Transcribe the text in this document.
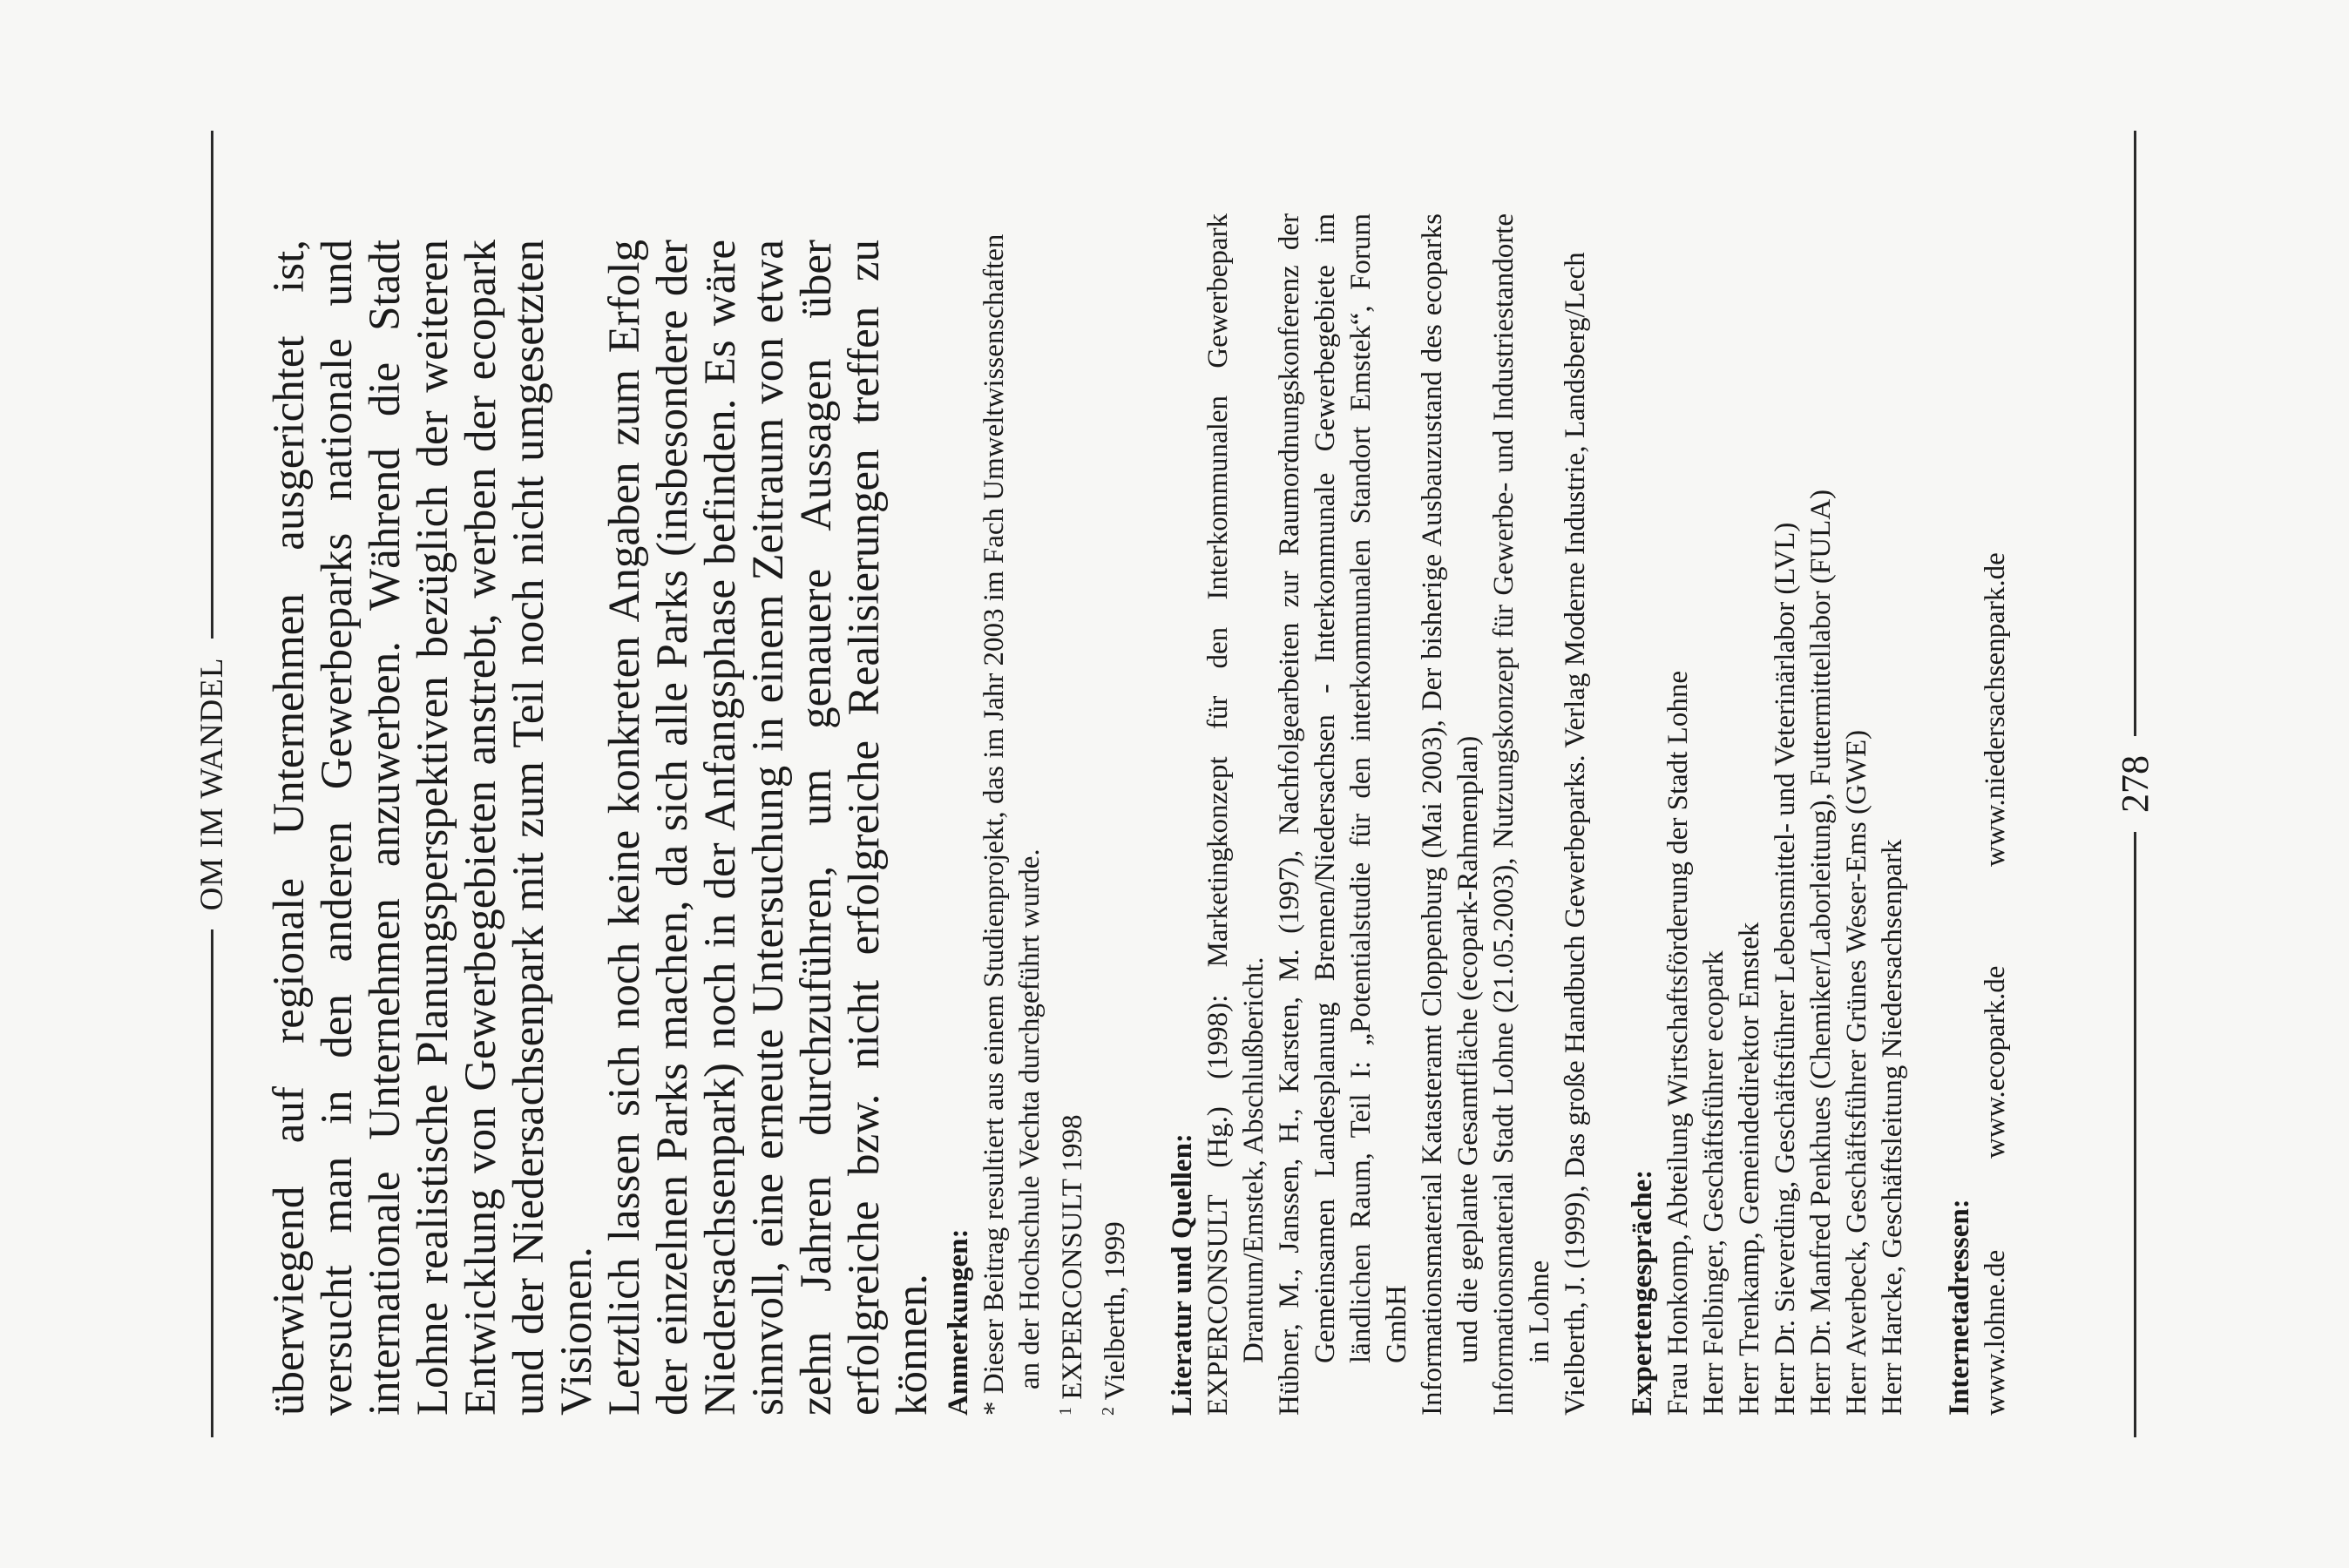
OM IM WANDEL überwiegend auf regionale Unternehmen ausgerichtet ist, versucht man in den anderen Gewerbeparks nationale und internationale Unternehmen anzuwerben. Während die Stadt Lohne realistische Planungsperspektiven bezüglich der weiteren Entwicklung von Gewerbegebieten anstrebt, werben der ecopark und der Niedersachsenpark mit zum Teil noch nicht umgesetzten Visionen. Letztlich lassen sich noch keine konkreten Angaben zum Erfolg der einzelnen Parks machen, da sich alle Parks (insbesondere der Niedersachsenpark) noch in der Anfangsphase befinden. Es wäre sinnvoll, eine erneute Untersuchung in einem Zeitraum von etwa zehn Jahren durchzuführen, um genauere Aussagen über erfolgreiche bzw. nicht erfolgreiche Realisierungen treffen zu können. Anmerkungen: * Dieser Beitrag resultiert aus einem Studienprojekt, das im Jahr 2003 im Fach Umweltwissenschaften an der Hochschule Vechta durchgeführt wurde.
$^1$ EXPERCONSULT 1998
$^2$ Vielberth, 1999 Literatur und Quellen: EXPERCONSULT (Hg.) (1998): Marketingkonzept für den Interkommunalen Gewerbepark Drantum/Emstek, Abschlußbericht. Hübner, M., Janssen, H., Karsten, M. (1997), Nachfolgearbeiten zur Raumordnungskonferenz der Gemeinsamen Landesplanung Bremen/Niedersachsen - Interkommunale Gewerbegebiete im ländlichen Raum, Teil I: „Potentialstudie für den interkommunalen Standort Emstek“, Forum GmbH Informationsmaterial Katasteramt Cloppenburg (Mai 2003), Der bisherige Ausbauzustand des ecoparks und die geplante Gesamtfläche (ecopark-Rahmenplan) Informationsmaterial Stadt Lohne (21.05.2003), Nutzungskonzept für Gewerbe- und Industriestandorte in Lohne Vielberth, J. (1999), Das große Handbuch Gewerbeparks. Verlag Moderne Industrie, Landsberg/Lech Expertengespräche: Frau Honkomp, Abteilung Wirtschaftsförderung der Stadt Lohne Herr Felbinger, Geschäftsführer ecopark Herr Trenkamp, Gemeindedirektor Emstek Herr Dr. Sieverding, Geschäftsführer Lebensmittel- und Veterinärlabor (LVL) Herr Dr. Manfred Penkhues (Chemiker/Laborleitung), Futtermittellabor (FULA) Herr Averbeck, Geschäftsführer Grünes Weser-Ems (GWE) Herr Harcke, Geschäftsleitung Niedersachsenpark Internetadressen: www.lohne.de
www.ecopark.de
www.niedersachsenpark.de	278
